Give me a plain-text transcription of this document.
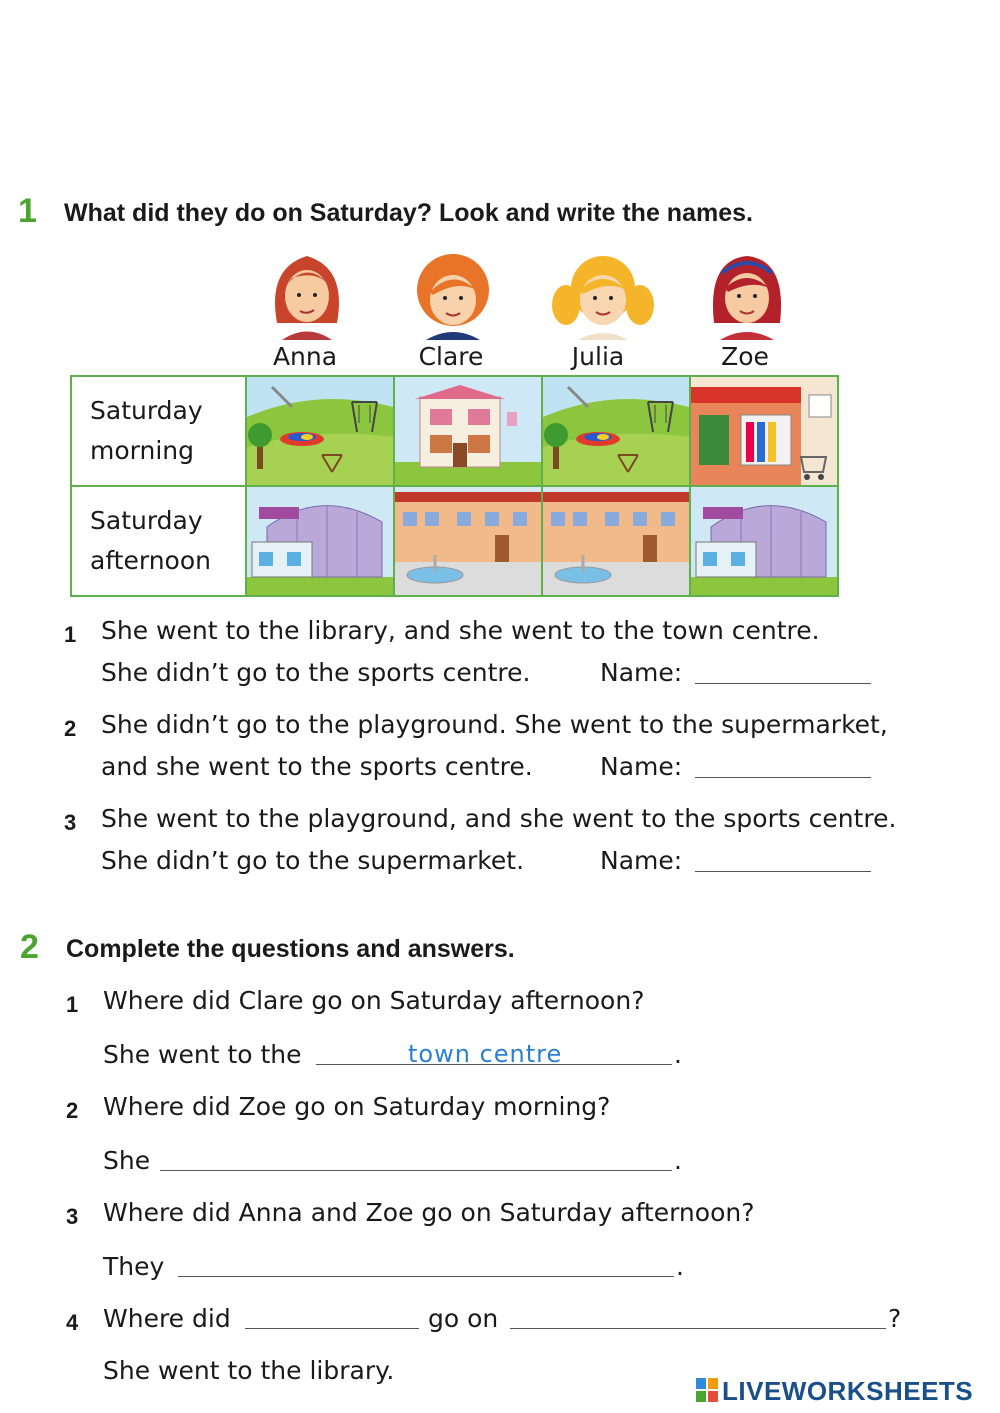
1 What did they do on Saturday? Look and write the names.
Anna	Clare	Julia	Zoe
Saturday
morning

Saturday
afternoon

1 She went to the library, and she went to the town centre.
She didn’t go to the sports centre.	Name:
2 She didn’t go to the playground. She went to the supermarket,
and she went to the sports centre.	Name:
3 She went to the playground, and she went to the sports centre.
She didn’t go to the supermarket.	Name:
2 Complete the questions and answers.
1 Where did Clare go on Saturday afternoon?
She went to the	town centre	.
2 Where did Zoe go on Saturday morning?
She	.
3 Where did Anna and Zoe go on Saturday afternoon?
They	.
4 Where did	go on	?
She went to the library.
LIVEWORKSHEETS
